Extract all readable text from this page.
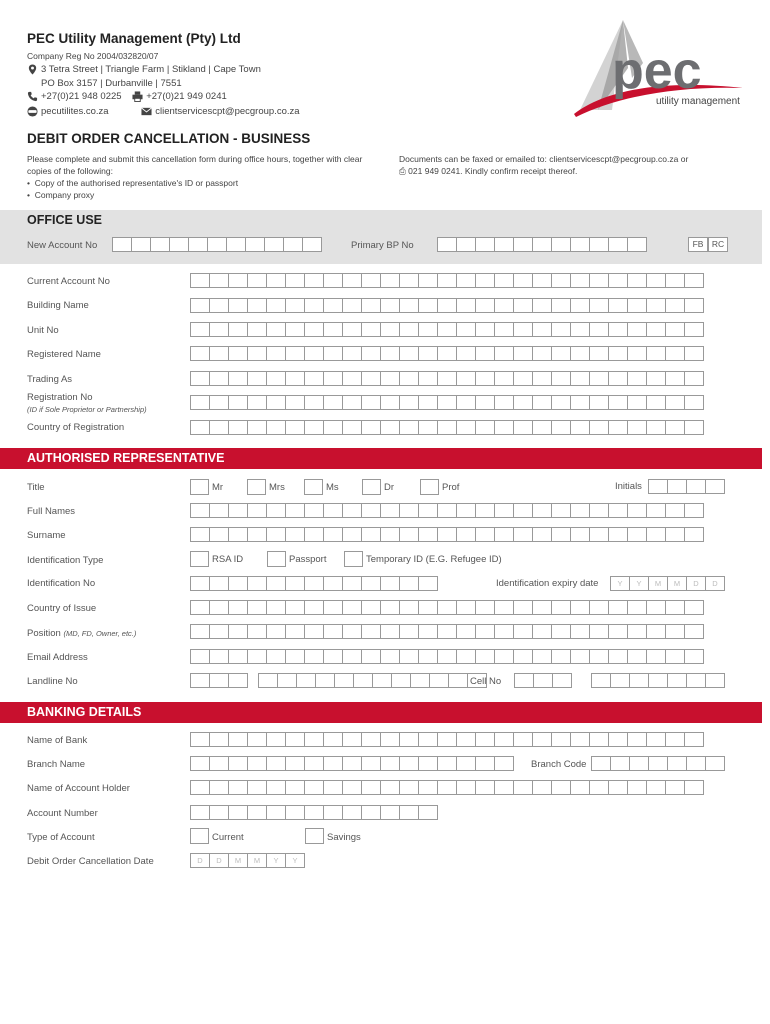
PEC Utility Management (Pty) Ltd
Company Reg No 2004/032820/07
3 Tetra Street | Triangle Farm | Stikland | Cape Town
PO Box 3157 | Durbanville | 7551
+27(0)21 948 0225	+27(0)21 949 0241
pecutilites.co.za	clientservicescpt@pecgroup.co.za
pec
utility management
DEBIT ORDER CANCELLATION - BUSINESS
Please complete and submit this cancellation form during office hours, together with clear
copies of the following:
•  Copy of the authorised representative's ID or passport
•  Company proxy
Documents can be faxed or emailed to: clientservicescpt@pecgroup.co.za or
⎙ 021 949 0241. Kindly confirm receipt thereof.
OFFICE USE
New Account No	Primary BP No	FB RC
Current Account No
Building Name
Unit No
Registered Name
Trading As
Registration No
(ID if Sole Proprietor or Partnership)
Country of Registration
AUTHORISED REPRESENTATIVE
Title	Mr	Mrs	Ms	Dr	Prof	Initials
Full Names
Surname
Identification Type	RSA ID	Passport	Temporary ID (E.G. Refugee ID)
Identification No	Identification expiry date	Y	Y	M	M	D	D
Country of Issue
Position (MD, FD, Owner, etc.)
Email Address
Landline No	Cell No
BANKING DETAILS
Name of Bank
Branch Name	Branch Code
Name of Account Holder
Account Number
Type of Account	Current	Savings
Debit Order Cancellation Date	D	D	M	M	Y	Y
